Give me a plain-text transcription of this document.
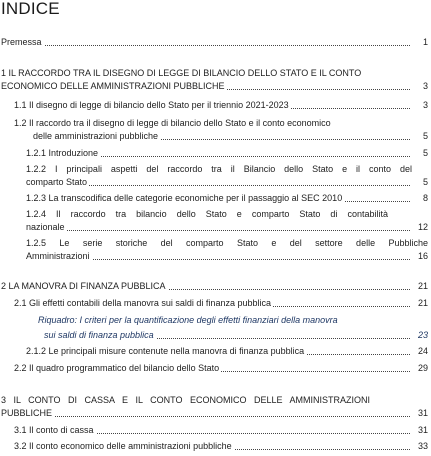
INDICE
Premessa	1
1 IL RACCORDO TRA IL DISEGNO DI LEGGE DI BILANCIO DELLO STATO E IL CONTO
ECONOMICO DELLE AMMINISTRAZIONI PUBBLICHE	3
1.1 Il disegno di legge di bilancio dello Stato per il triennio 2021-2023	3
1.2 Il raccordo tra il disegno di legge di bilancio dello Stato e il conto economico
delle amministrazioni pubbliche	5
1.2.1 Introduzione	5
1.2.2 I principali aspetti del raccordo tra il Bilancio dello Stato e il conto del
comparto Stato	5
1.2.3 La transcodifica delle categorie economiche per il passaggio al SEC 2010	8
1.2.4 Il raccordo tra bilancio dello Stato e comparto Stato di contabilità
nazionale	12
1.2.5 Le serie storiche del comparto Stato e del settore delle Pubbliche
Amministrazioni	16
2 LA MANOVRA DI FINANZA PUBBLICA	21
2.1 Gli effetti contabili della manovra sui saldi di finanza pubblica	21
Riquadro: I criteri per la quantificazione degli effetti finanziari della manovra
sui saldi di finanza pubblica	23
2.1.2 Le principali misure contenute nella manovra di finanza pubblica	24
2.2 Il quadro programmatico del bilancio dello Stato	29
3 IL CONTO DI CASSA E IL CONTO ECONOMICO DELLE AMMINISTRAZIONI
PUBBLICHE	31
3.1 Il conto di cassa	31
3.2 Il conto economico delle amministrazioni pubbliche	33
